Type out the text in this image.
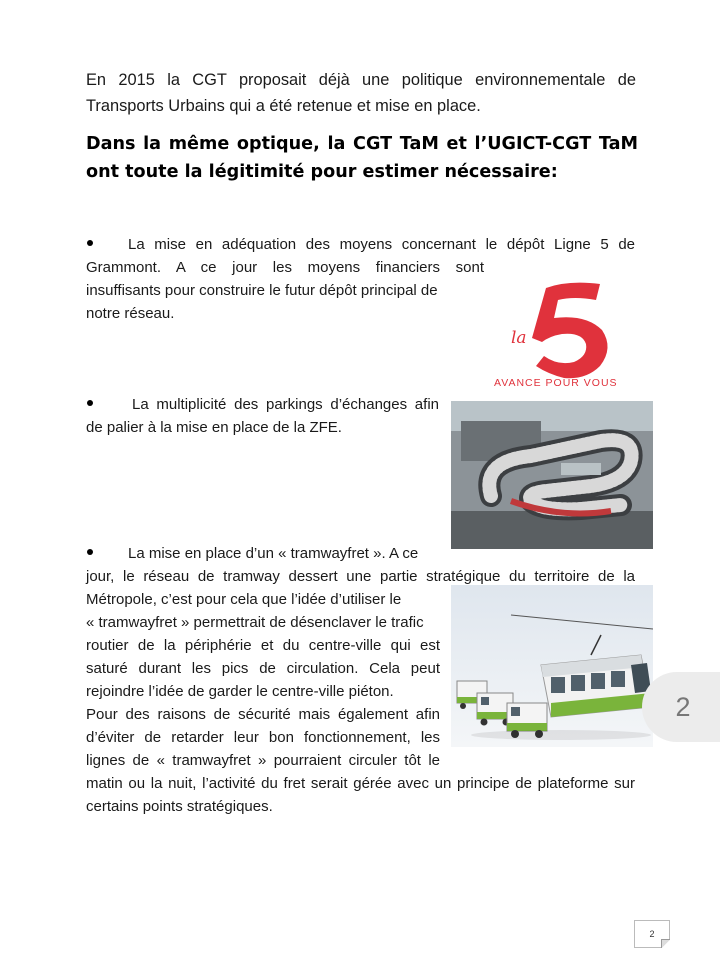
En 2015 la CGT proposait déjà une politique environnementale de Transports Urbains qui a été retenue et mise en place.
Dans la même optique, la CGT TaM et l’UGICT-CGT TaM ont toute la légitimité pour estimer nécessaire:
La mise en adéquation des moyens concernant le dépôt Ligne 5 de
Grammont. A ce jour les moyens financiers sont
insuffisants pour construire le futur dépôt principal de
notre réseau.
la
AVANCE POUR VOUS
La multiplicité des parkings d’échanges afin
de palier à la mise en place de la ZFE.
La mise en place d’un « tramwayfret ». A ce
jour, le réseau de tramway dessert une partie stratégique du territoire de la
Métropole, c’est pour cela que l’idée d’utiliser le
« tramwayfret » permettrait de désenclaver le trafic
routier de la périphérie et du centre-ville qui est
saturé durant les pics de circulation. Cela peut
rejoindre l’idée de garder le centre-ville piéton.
Pour des raisons de sécurité mais également afin
d’éviter de retarder leur bon fonctionnement, les
lignes de « tramwayfret » pourraient circuler tôt le
matin ou la nuit, l’activité du fret serait gérée avec un principe de plateforme sur
certains points stratégiques.
2
2
